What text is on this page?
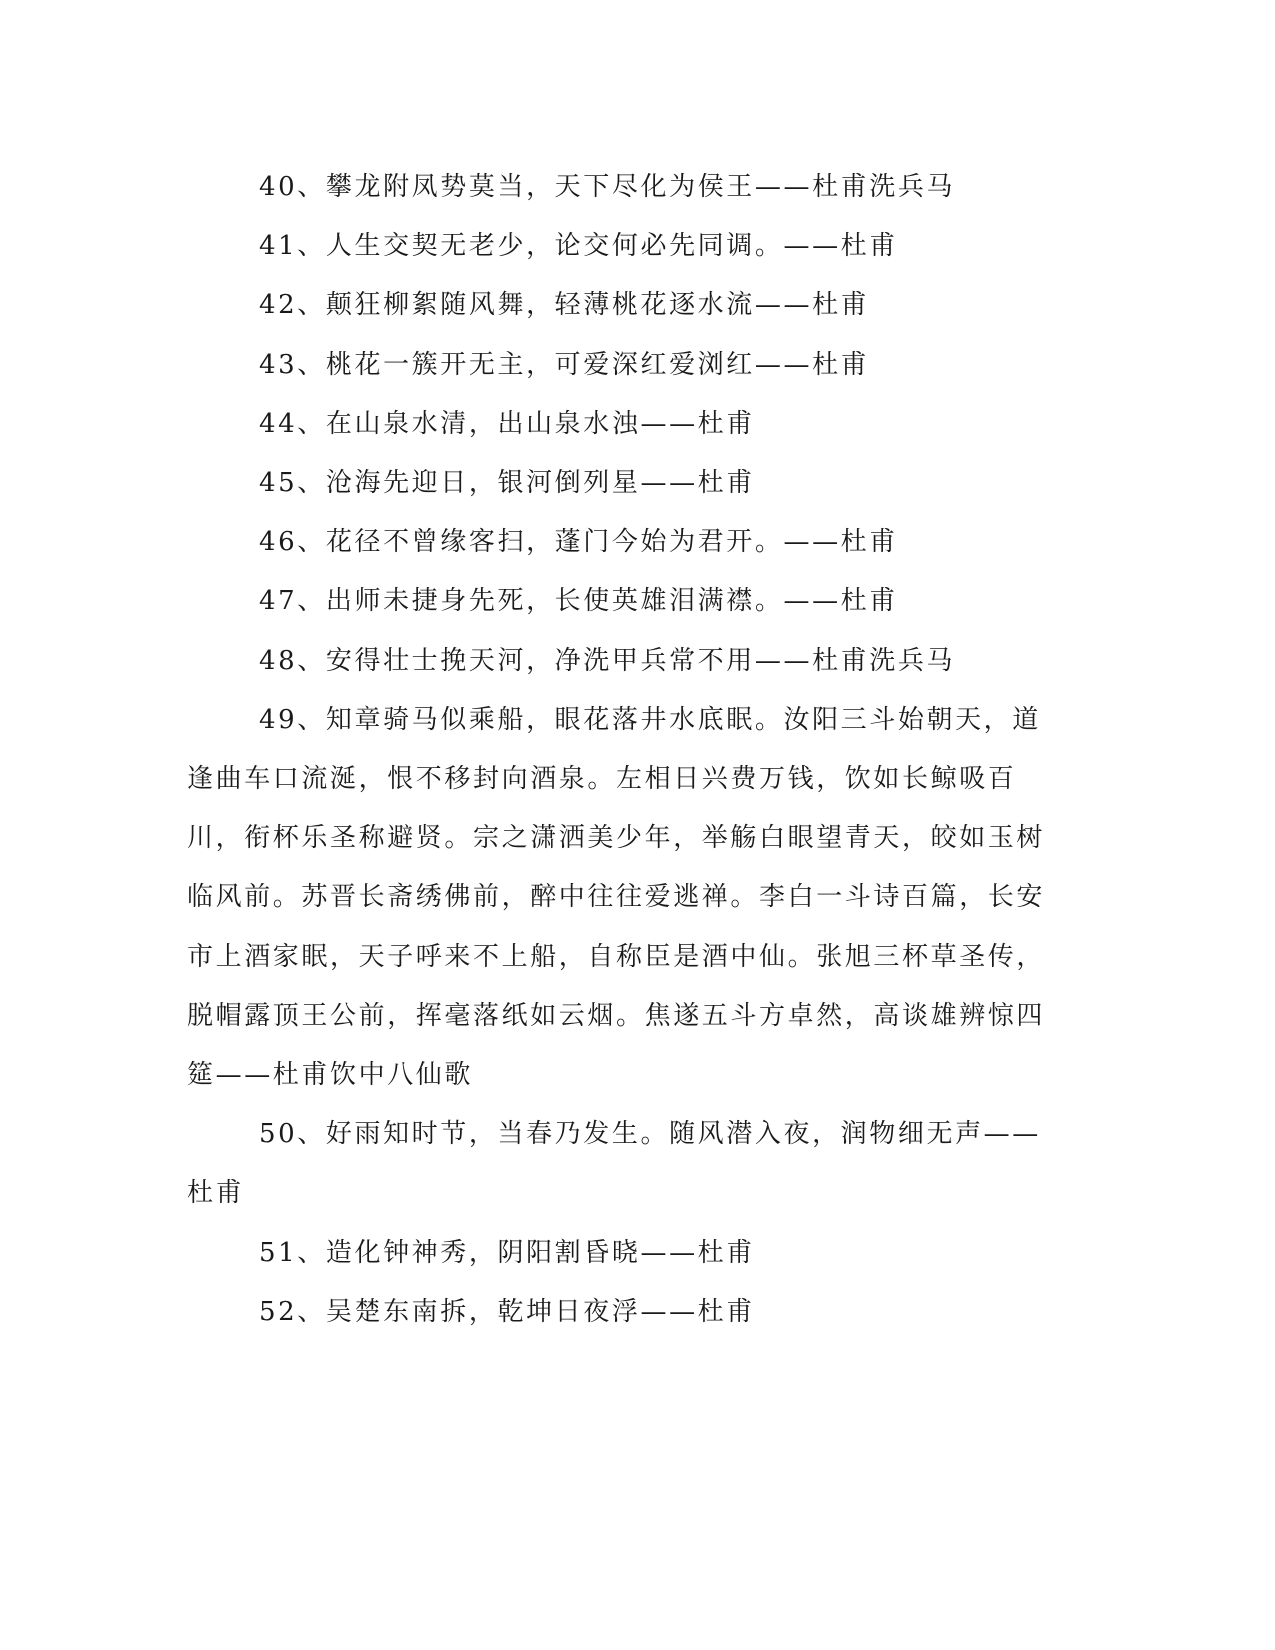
40、攀龙附凤势莫当，天下尽化为侯王——杜甫洗兵马

41、人生交契无老少，论交何必先同调。——杜甫

42、颠狂柳絮随风舞，轻薄桃花逐水流——杜甫

43、桃花一簇开无主，可爱深红爱浏红——杜甫

44、在山泉水清，出山泉水浊——杜甫

45、沧海先迎日，银河倒列星——杜甫

46、花径不曾缘客扫，蓬门今始为君开。——杜甫

47、出师未捷身先死，长使英雄泪满襟。——杜甫

48、安得壮士挽天河，净洗甲兵常不用——杜甫洗兵马

49、知章骑马似乘船，眼花落井水底眠。汝阳三斗始朝天，道逢曲车口流涎，恨不移封向酒泉。左相日兴费万钱，饮如长鲸吸百川，衔杯乐圣称避贤。宗之潇洒美少年，举觞白眼望青天，皎如玉树临风前。苏晋长斋绣佛前，醉中往往爱逃禅。李白一斗诗百篇，长安市上酒家眠，天子呼来不上船，自称臣是酒中仙。张旭三杯草圣传，脱帽露顶王公前，挥毫落纸如云烟。焦遂五斗方卓然，高谈雄辨惊四筵——杜甫饮中八仙歌

50、好雨知时节，当春乃发生。随风潜入夜，润物细无声——杜甫

51、造化钟神秀，阴阳割昏晓——杜甫

52、吴楚东南拆，乾坤日夜浮——杜甫
